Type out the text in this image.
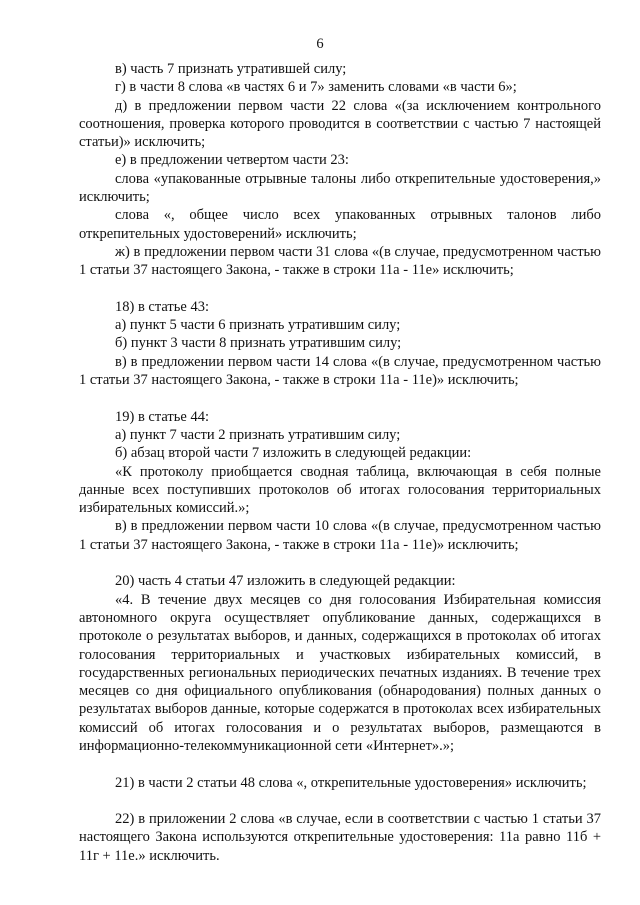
6

в) часть 7 признать утратившей силу;

г) в части 8 слова «в частях 6 и 7» заменить словами «в части 6»;

д) в предложении первом части 22 слова «(за исключением контрольного соотношения, проверка которого проводится в соответствии с частью 7 настоящей статьи)» исключить;

е) в предложении четвертом части 23:

слова «упакованные отрывные талоны либо открепительные удостоверения,» исключить;

слова «, общее число всех упакованных отрывных талонов либо открепительных удостоверений» исключить;

ж) в предложении первом части 31 слова «(в случае, предусмотренном частью 1 статьи 37 настоящего Закона, - также в строки 11а - 11е» исключить;

18) в статье 43:

а) пункт 5 части 6 признать утратившим силу;

б) пункт 3 части 8 признать утратившим силу;

в) в предложении первом части 14 слова «(в случае, предусмотренном частью 1 статьи 37 настоящего Закона, - также в строки 11а - 11е)» исключить;

19) в статье 44:

а) пункт 7 части 2 признать утратившим силу;

б) абзац второй части 7 изложить в следующей редакции:

«К протоколу приобщается сводная таблица, включающая в себя полные данные всех поступивших протоколов об итогах голосования территориальных избирательных комиссий.»;

в) в предложении первом части 10 слова «(в случае, предусмотренном частью 1 статьи 37 настоящего Закона, - также в строки 11а - 11е)» исключить;

20) часть 4 статьи 47 изложить в следующей редакции:

«4. В течение двух месяцев со дня голосования Избирательная комиссия автономного округа осуществляет опубликование данных, содержащихся в протоколе о результатах выборов, и данных, содержащихся в протоколах об итогах голосования территориальных и участковых избирательных комиссий, в государственных региональных периодических печатных изданиях. В течение трех месяцев со дня официального опубликования (обнародования) полных данных о результатах выборов данные, которые содержатся в протоколах всех избирательных комиссий об итогах голосования и о результатах выборов, размещаются в информационно-телекоммуникационной сети «Интернет».»;

21) в части 2 статьи 48 слова «, открепительные удостоверения» исключить;

22) в приложении 2 слова «в случае, если в соответствии с частью 1 статьи 37 настоящего Закона используются открепительные удостоверения: 11а равно 11б + 11г + 11е.» исключить.
